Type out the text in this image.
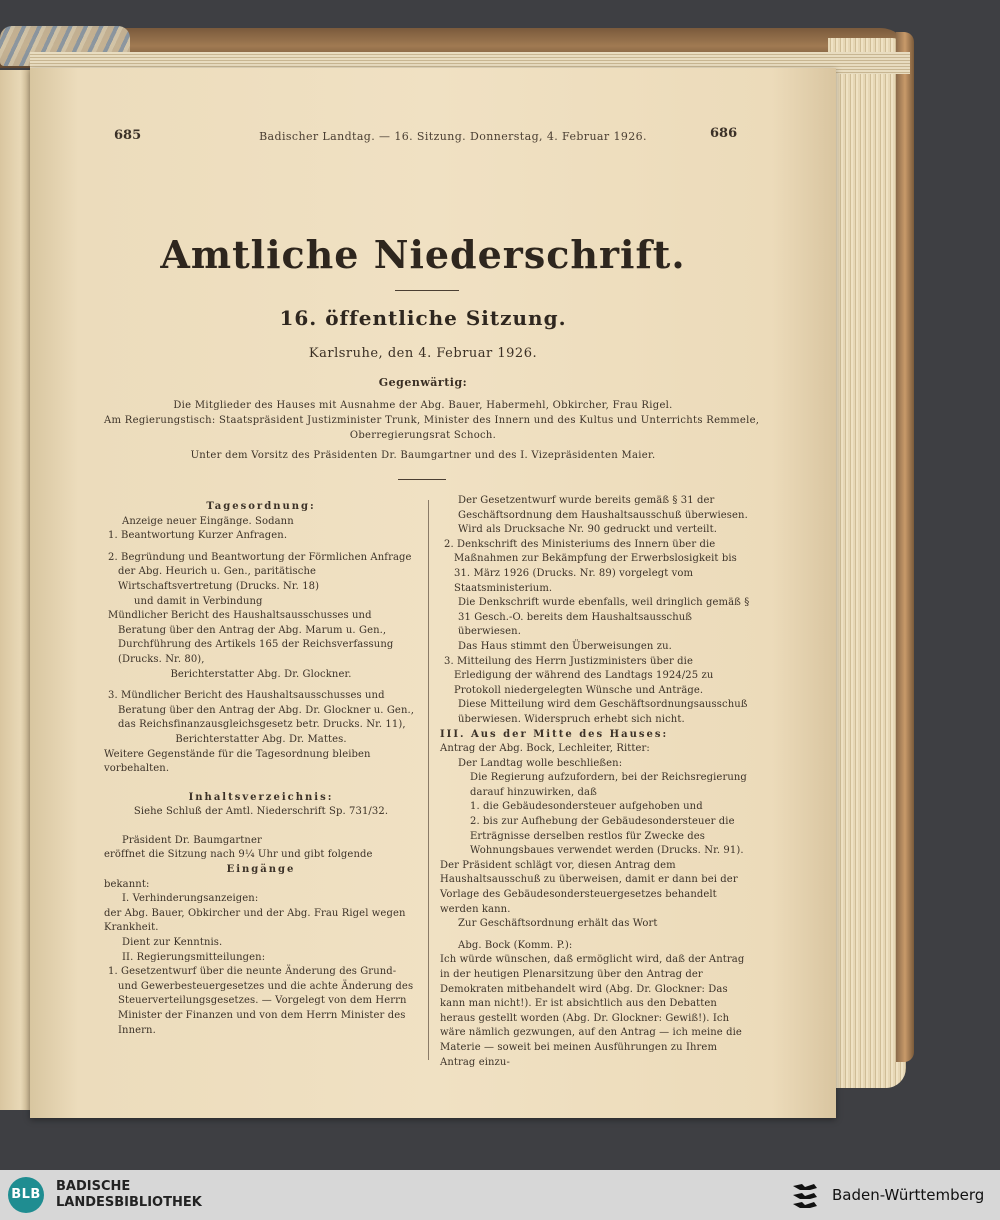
685	Badischer Landtag. — 16. Sitzung. Donnerstag, 4. Februar 1926.	686

Amtliche Niederschrift.

16. öffentliche Sitzung.

Karlsruhe, den 4. Februar 1926.

Gegenwärtig:

Die Mitglieder des Hauses mit Ausnahme der Abg. Bauer, Habermehl, Obkircher, Frau Rigel.

Am Regierungstisch: Staatspräsident Justizminister Trunk, Minister des Innern und des Kultus und Unterrichts Remmele,

Oberregierungsrat Schoch.

Unter dem Vorsitz des Präsidenten Dr. Baumgartner und des I. Vizepräsidenten Maier.

Tagesordnung:

Anzeige neuer Eingänge. Sodann

1. Beantwortung Kurzer Anfragen.

2. Begründung und Beantwortung der Förmlichen Anfrage der Abg. Heurich u. Gen., paritätische Wirtschaftsvertretung (Drucks. Nr. 18)

und damit in Verbindung

Mündlicher Bericht des Haushaltsausschusses und Beratung über den Antrag der Abg. Marum u. Gen., Durchführung des Artikels 165 der Reichsverfassung (Drucks. Nr. 80),

Berichterstatter Abg. Dr. Glockner.

3. Mündlicher Bericht des Haushaltsausschusses und Beratung über den Antrag der Abg. Dr. Glockner u. Gen., das Reichsfinanzausgleichsgesetz betr. Drucks. Nr. 11),

Berichterstatter Abg. Dr. Mattes.

Weitere Gegenstände für die Tagesordnung bleiben vorbehalten.

Inhaltsverzeichnis:

Siehe Schluß der Amtl. Niederschrift Sp. 731/32.

Präsident Dr. Baumgartner

eröffnet die Sitzung nach 9¼ Uhr und gibt folgende

Eingänge

bekannt:

I. Verhinderungsanzeigen:

der Abg. Bauer, Obkircher und der Abg. Frau Rigel wegen Krankheit.

Dient zur Kenntnis.

II. Regierungsmitteilungen:

1. Gesetzentwurf über die neunte Änderung des Grund- und Gewerbesteuergesetzes und die achte Änderung des Steuerverteilungsgesetzes. — Vorgelegt von dem Herrn Minister der Finanzen und von dem Herrn Minister des Innern.

Der Gesetzentwurf wurde bereits gemäß § 31 der Geschäftsordnung dem Haushaltsausschuß überwiesen.

Wird als Drucksache Nr. 90 gedruckt und verteilt.

2. Denkschrift des Ministeriums des Innern über die Maßnahmen zur Bekämpfung der Erwerbslosigkeit bis 31. März 1926 (Drucks. Nr. 89) vorgelegt vom Staatsministerium.

Die Denkschrift wurde ebenfalls, weil dringlich gemäß § 31 Gesch.-O. bereits dem Haushaltsausschuß überwiesen.

Das Haus stimmt den Überweisungen zu.

3. Mitteilung des Herrn Justizministers über die Erledigung der während des Landtags 1924/25 zu Protokoll niedergelegten Wünsche und Anträge.

Diese Mitteilung wird dem Geschäftsordnungsausschuß überwiesen. Widerspruch erhebt sich nicht.

III. Aus der Mitte des Hauses:

Antrag der Abg. Bock, Lechleiter, Ritter:

Der Landtag wolle beschließen:

Die Regierung aufzufordern, bei der Reichsregierung darauf hinzuwirken, daß

1. die Gebäudesondersteuer aufgehoben und

2. bis zur Aufhebung der Gebäudesondersteuer die Erträgnisse derselben restlos für Zwecke des Wohnungsbaues verwendet werden (Drucks. Nr. 91).

Der Präsident schlägt vor, diesen Antrag dem Haushaltsausschuß zu überweisen, damit er dann bei der Vorlage des Gebäudesondersteuergesetzes behandelt werden kann.

Zur Geschäftsordnung erhält das Wort

Abg. Bock (Komm. P.):

Ich würde wünschen, daß ermöglicht wird, daß der Antrag in der heutigen Plenarsitzung über den Antrag der Demokraten mitbehandelt wird (Abg. Dr. Glockner: Das kann man nicht!). Er ist absichtlich aus den Debatten heraus gestellt worden (Abg. Dr. Glockner: Gewiß!). Ich wäre nämlich gezwungen, auf den Antrag — ich meine die Materie — soweit bei meinen Ausführungen zu Ihrem Antrag einzu-

BLB
BADISCHE
LANDESBIBLIOTHEK	Baden-Württemberg
